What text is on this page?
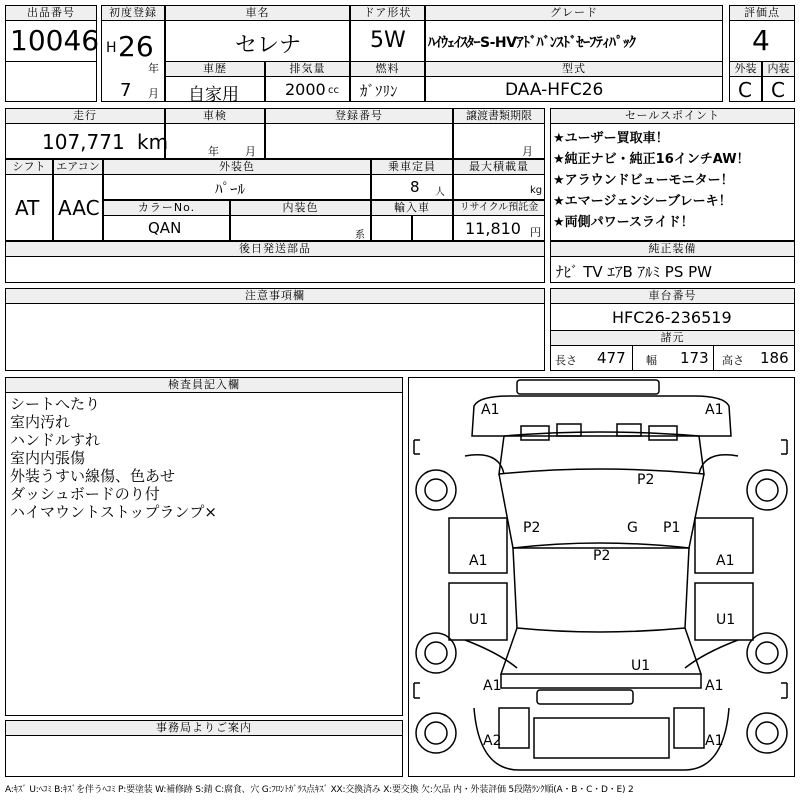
出品番号
10046
初度登録
H 26
年
7 月
車名
セレナ
ドア形状
5W
グレード
ﾊｲｳｪｲｽﾀｰS-HVｱﾄﾞﾊﾞﾝｽﾄﾞｾｰﾌﾃｨﾊﾟｯｸ
評価点
4
車歴
自家用
排気量
2000 cc
燃料
ｶﾞｿﾘﾝ
型式
DAA-HFC26
外装
C
内装
C
走行
107,771 km
車検
年 月
登録番号	譲渡書類期限
月
セールスポイント
★ユーザー買取車！
★純正ナビ・純正16インチAW！
★アラウンドビューモニター！
★エマージェンシーブレーキ！
★両側パワースライド！
シフト
AT
エアコン
AAC
外装色
ﾊﾟｰﾙ
乗車定員
8 人
最大積載量
kg
カラーNo.
QAN
内装色
系
輸入車	リサイクル預託金
11,810 円
後日発送部品	純正装備
ﾅﾋﾞ TV ｴｱB ｱﾙﾐ PS PW
注意事項欄	車台番号
HFC26-236519
諸元
長さ 477 幅 173 高さ 186
検査員記入欄
シートへたり
室内汚れ
ハンドルすれ
室内内張傷
外装うすい線傷、色あせ
ダッシュボードのり付
ハイマウントストップランプ×
事務局よりご案内
A1	A1
P2
P2	G P1
P2
A1	A1
U1	U1
U1
A1	A1
A2	A1
A:ｷｽﾞ U:ﾍｺﾐ B:ｷｽﾞを伴うﾍｺﾐ P:要塗装 W:補修跡 S:錆 C:腐食、穴 G:ﾌﾛﾝﾄｶﾞﾗｽ点ｷｽﾞ XX:交換済み X:要交換 欠:欠品 内・外装評価 5段階ﾗﾝｸ順(A・B・C・D・E) 2
